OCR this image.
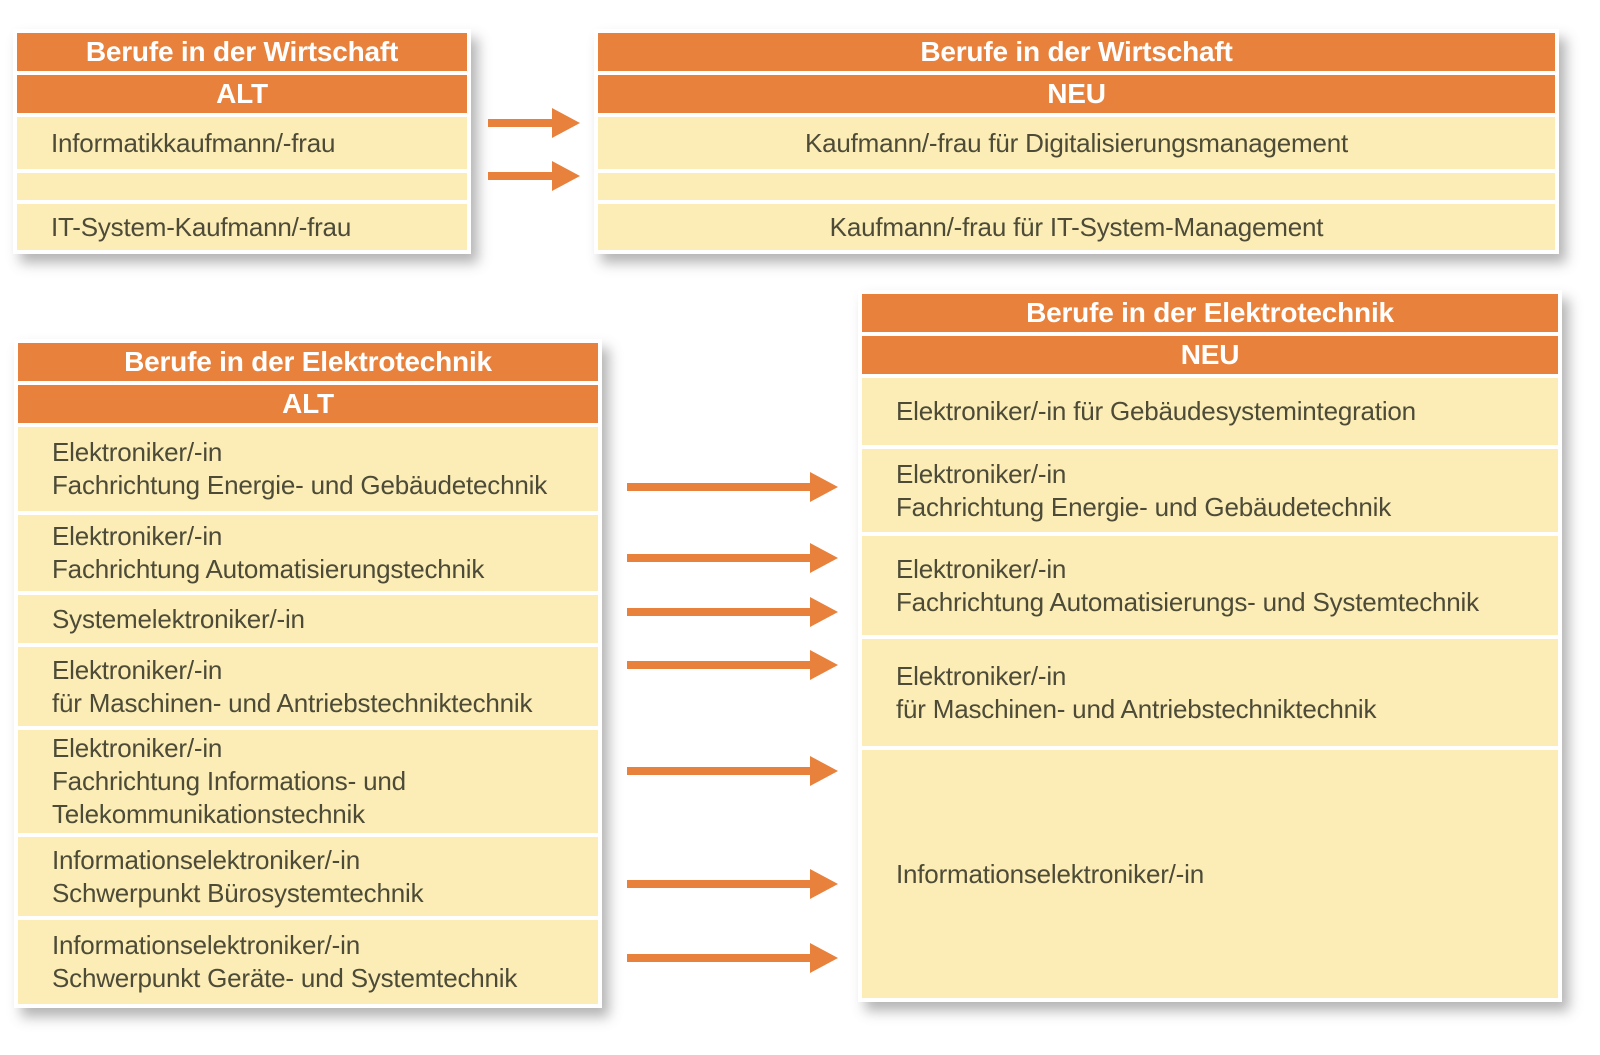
Berufe in der Wirtschaft
ALT
Informatikkaufmann/-frau
IT-System-Kaufmann/-frau
Berufe in der Wirtschaft
NEU
Kaufmann/-frau für Digitalisierungsmanagement
Kaufmann/-frau für IT-System-Management
Berufe in der Elektrotechnik
ALT
Elektroniker/-in
Fachrichtung Energie- und Gebäudetechnik
Elektroniker/-in
Fachrichtung Automatisierungstechnik
Systemelektroniker/-in
Elektroniker/-in
für Maschinen- und Antriebstechniktechnik
Elektroniker/-in
Fachrichtung Informations- und
Telekommunikationstechnik
Informationselektroniker/-in
Schwerpunkt Bürosystemtechnik
Informationselektroniker/-in
Schwerpunkt Geräte- und Systemtechnik
Berufe in der Elektrotechnik
NEU
Elektroniker/-in für Gebäudesystemintegration
Elektroniker/-in
Fachrichtung Energie- und Gebäudetechnik
Elektroniker/-in
Fachrichtung Automatisierungs- und Systemtechnik
Elektroniker/-in
für Maschinen- und Antriebstechniktechnik
Informationselektroniker/-in
